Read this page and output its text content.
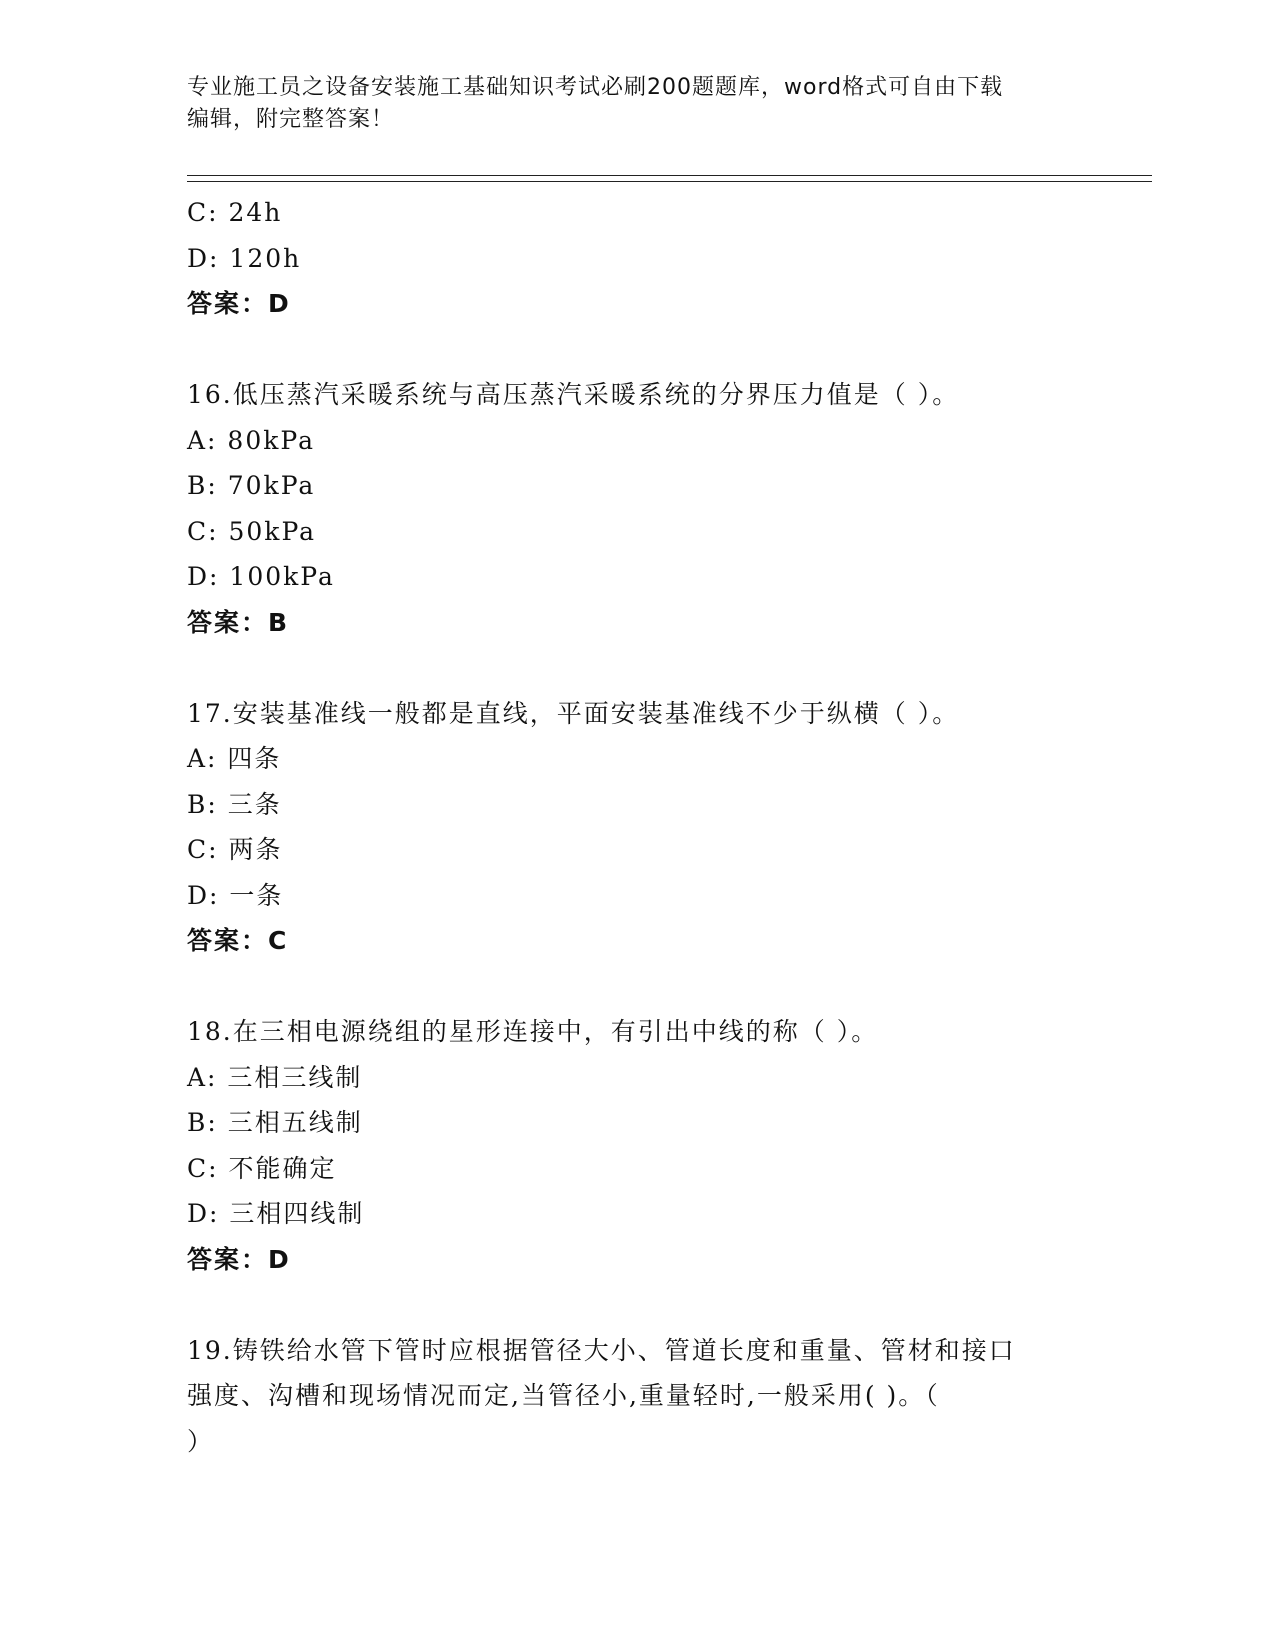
专业施工员之设备安装施工基础知识考试必刷200题题库，word格式可自由下载
编辑，附完整答案！
C: 24h
D: 120h
答案：D
16.低压蒸汽采暖系统与高压蒸汽采暖系统的分界压力值是（ ）。
A: 80kPa
B: 70kPa
C: 50kPa
D: 100kPa
答案：B
17.安装基准线一般都是直线，平面安装基准线不少于纵横（ ）。
A: 四条
B: 三条
C: 两条
D: 一条
答案：C
18.在三相电源绕组的星形连接中，有引出中线的称（ ）。
A: 三相三线制
B: 三相五线制
C: 不能确定
D: 三相四线制
答案：D
19.铸铁给水管下管时应根据管径大小、管道长度和重量、管材和接口
强度、沟槽和现场情况而定,当管径小,重量轻时,一般采用( )。（
）
